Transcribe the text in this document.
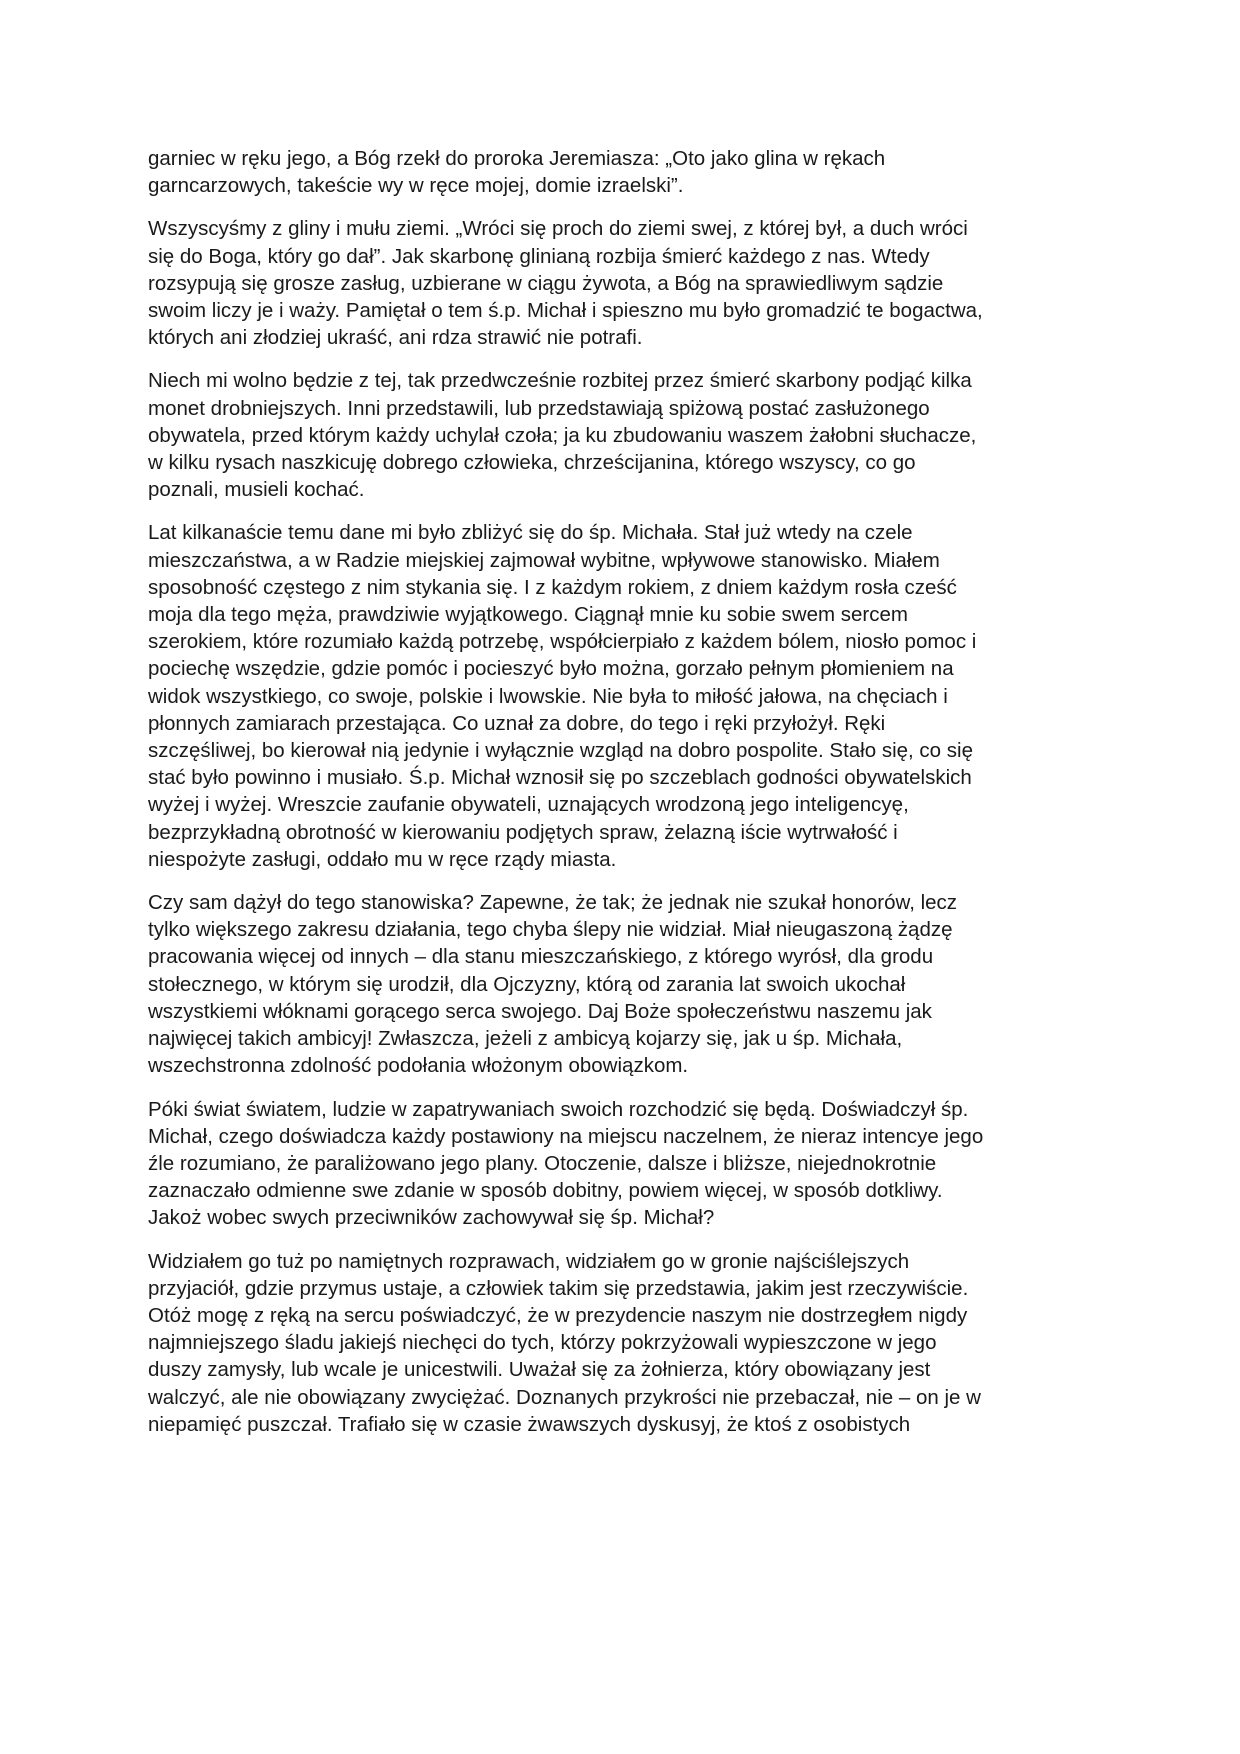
garniec w ręku jego, a Bóg rzekł do proroka Jeremiasza: „Oto jako glina w rękach
garncarzowych, takeście wy w ręce mojej, domie izraelski”.

Wszyscyśmy z gliny i mułu ziemi. „Wróci się proch do ziemi swej, z której był, a duch wróci
się do Boga, który go dał”. Jak skarbonę glinianą rozbija śmierć każdego z nas. Wtedy
rozsypują się grosze zasług, uzbierane w ciągu żywota, a Bóg na sprawiedliwym sądzie
swoim liczy je i waży. Pamiętał o tem ś.p. Michał i spieszno mu było gromadzić te bogactwa,
których ani złodziej ukraść, ani rdza strawić nie potrafi.

Niech mi wolno będzie z tej, tak przedwcześnie rozbitej przez śmierć skarbony podjąć kilka
monet drobniejszych. Inni przedstawili, lub przedstawiają spiżową postać zasłużonego
obywatela, przed którym każdy uchylał czoła; ja ku zbudowaniu waszem żałobni słuchacze,
w kilku rysach naszkicuję dobrego człowieka, chrześcijanina, którego wszyscy, co go
poznali, musieli kochać.

Lat kilkanaście temu dane mi było zbliżyć się do śp. Michała. Stał już wtedy na czele
mieszczaństwa, a w Radzie miejskiej zajmował wybitne, wpływowe stanowisko. Miałem
sposobność częstego z nim stykania się. I z każdym rokiem, z dniem każdym rosła cześć
moja dla tego męża, prawdziwie wyjątkowego. Ciągnął mnie ku sobie swem sercem
szerokiem, które rozumiało każdą potrzebę, współcierpiało z każdem bólem, niosło pomoc i
pociechę wszędzie, gdzie pomóc i pocieszyć było można, gorzało pełnym płomieniem na
widok wszystkiego, co swoje, polskie i lwowskie. Nie była to miłość jałowa, na chęciach i
płonnych zamiarach przestająca. Co uznał za dobre, do tego i ręki przyłożył. Ręki
szczęśliwej, bo kierował nią jedynie i wyłącznie wzgląd na dobro pospolite. Stało się, co się
stać było powinno i musiało. Ś.p. Michał wznosił się po szczeblach godności obywatelskich
wyżej i wyżej. Wreszcie zaufanie obywateli, uznających wrodzoną jego inteligencyę,
bezprzykładną obrotność w kierowaniu podjętych spraw, żelazną iście wytrwałość i
niespożyte zasługi, oddało mu w ręce rządy miasta.

Czy sam dążył do tego stanowiska? Zapewne, że tak; że jednak nie szukał honorów, lecz
tylko większego zakresu działania, tego chyba ślepy nie widział. Miał nieugaszoną żądzę
pracowania więcej od innych – dla stanu mieszczańskiego, z którego wyrósł, dla grodu
stołecznego, w którym się urodził, dla Ojczyzny, którą od zarania lat swoich ukochał
wszystkiemi włóknami gorącego serca swojego. Daj Boże społeczeństwu naszemu jak
najwięcej takich ambicyj! Zwłaszcza, jeżeli z ambicyą kojarzy się, jak u śp. Michała,
wszechstronna zdolność podołania włożonym obowiązkom.

Póki świat światem, ludzie w zapatrywaniach swoich rozchodzić się będą. Doświadczył śp.
Michał, czego doświadcza każdy postawiony na miejscu naczelnem, że nieraz intencye jego
źle rozumiano, że paraliżowano jego plany. Otoczenie, dalsze i bliższe, niejednokrotnie
zaznaczało odmienne swe zdanie w sposób dobitny, powiem więcej, w sposób dotkliwy.
Jakoż wobec swych przeciwników zachowywał się śp. Michał?

Widziałem go tuż po namiętnych rozprawach, widziałem go w gronie najściślejszych
przyjaciół, gdzie przymus ustaje, a człowiek takim się przedstawia, jakim jest rzeczywiście.
Otóż mogę z ręką na sercu poświadczyć, że w prezydencie naszym nie dostrzegłem nigdy
najmniejszego śladu jakiejś niechęci do tych, którzy pokrzyżowali wypieszczone w jego
duszy zamysły, lub wcale je unicestwili. Uważał się za żołnierza, który obowiązany jest
walczyć, ale nie obowiązany zwyciężać. Doznanych przykrości nie przebaczał, nie – on je w
niepamięć puszczał. Trafiało się w czasie żwawszych dyskusyj, że ktoś z osobistych
